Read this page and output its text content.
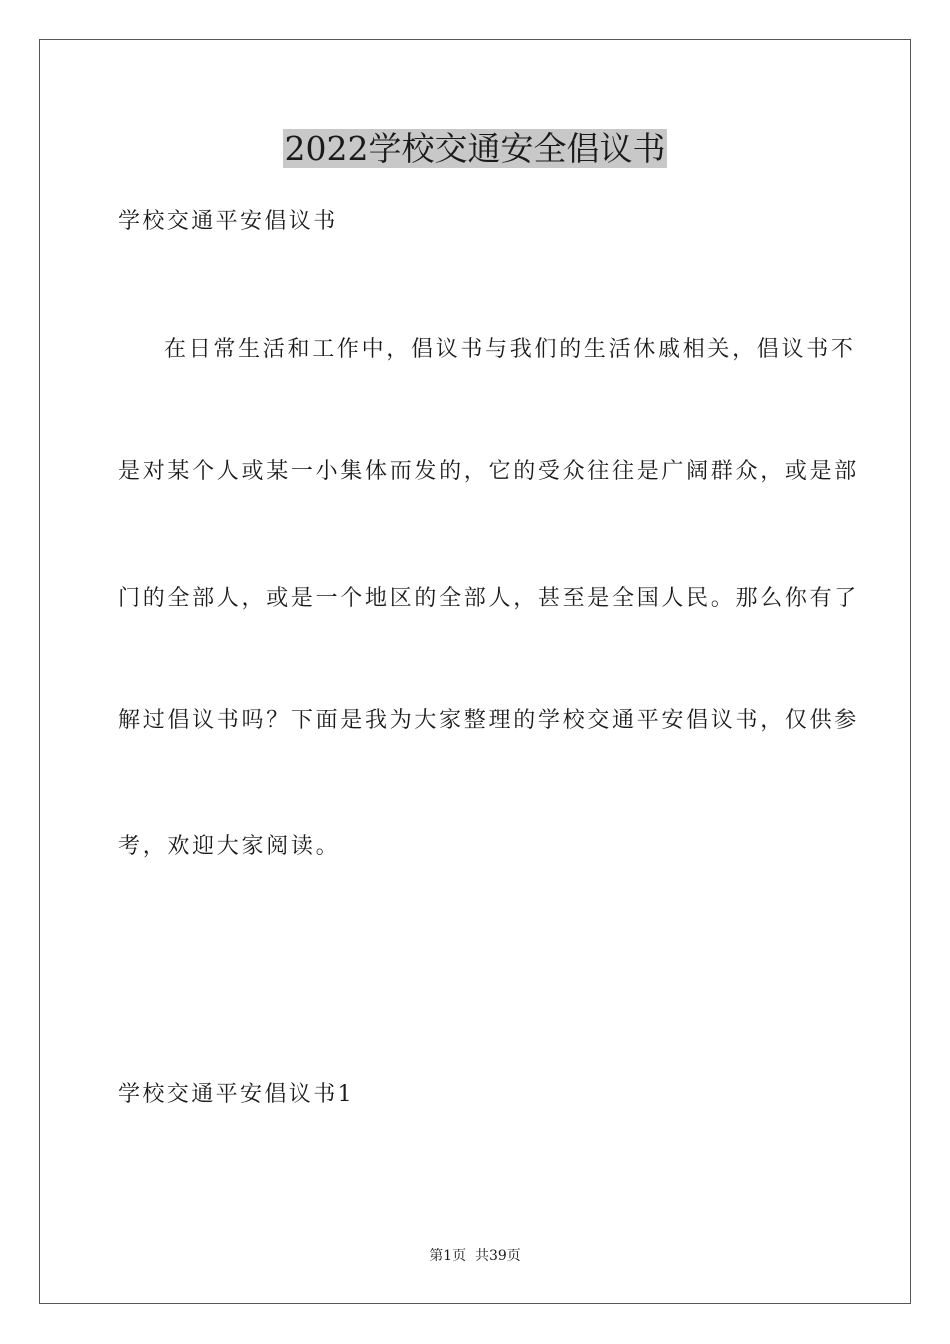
2022学校交通安全倡议书
学校交通平安倡议书
在日常生活和工作中，倡议书与我们的生活休戚相关，倡议书不
是对某个人或某一小集体而发的，它的受众往往是广阔群众，或是部
门的全部人，或是一个地区的全部人，甚至是全国人民。那么你有了
解过倡议书吗？下面是我为大家整理的学校交通平安倡议书，仅供参
考，欢迎大家阅读。
学校交通平安倡议书1
第1页  共39页
